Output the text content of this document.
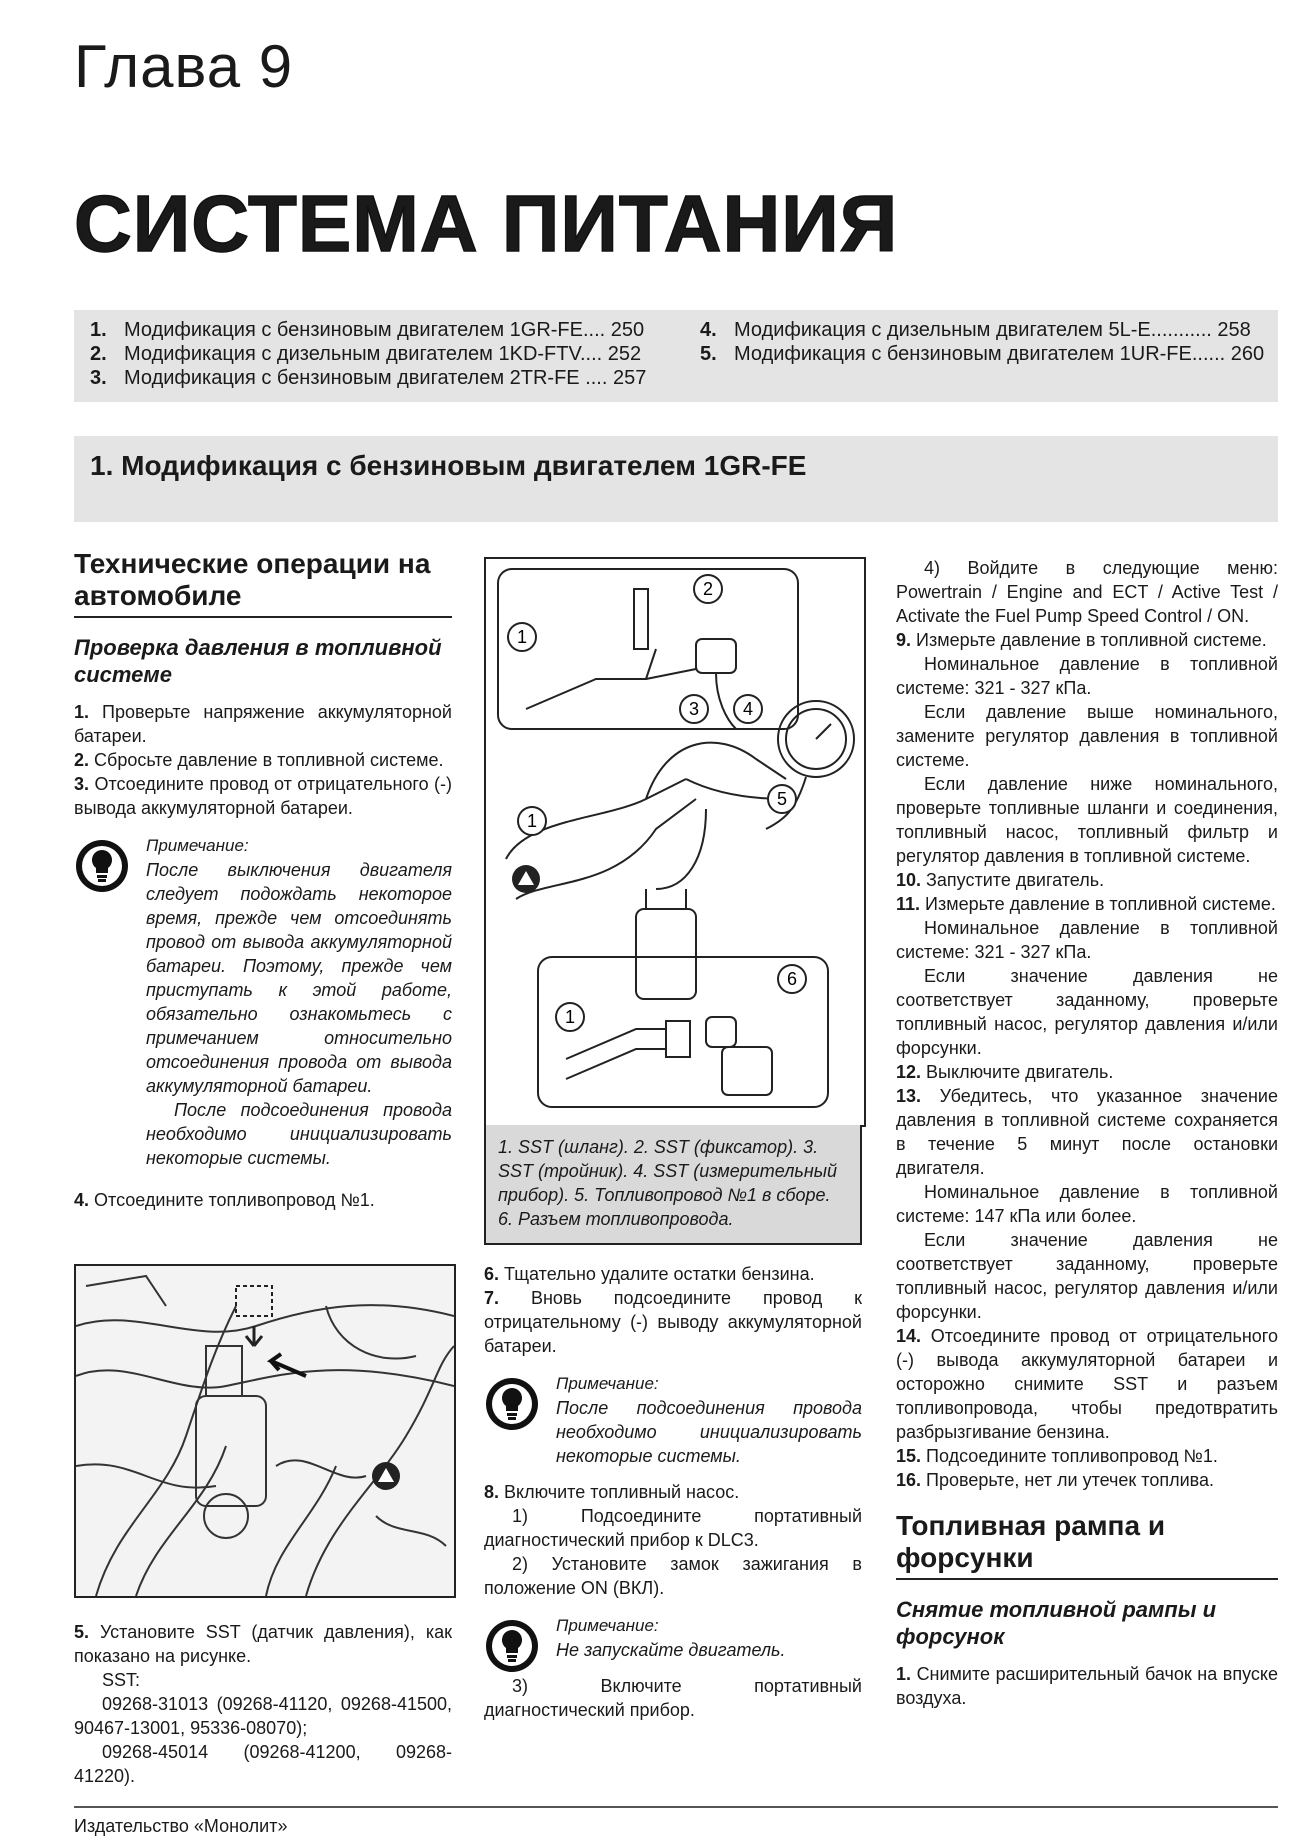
Глава 9
СИСТЕМА ПИТАНИЯ
1. Модификация с бензиновым двигателем 1GR-FE.... 250
2. Модификация с дизельным двигателем 1KD-FTV.... 252
3. Модификация с бензиновым двигателем 2TR-FE .... 257
4. Модификация с дизельным двигателем 5L-E........... 258
5. Модификация с бензиновым двигателем 1UR-FE...... 260
1. Модификация с бензиновым двигателем 1GR-FE

Технические операции на автомобиле

Проверка давления в топливной системе

1. Проверьте напряжение аккумуляторной батареи.

2. Сбросьте давление в топливной системе.

3. Отсоедините провод от отрицательного (-) вывода аккумуляторной батареи.

Примечание:

После выключения двигателя следует подождать некоторое время, прежде чем отсоединять провод от вывода аккумуляторной батареи. Поэтому, прежде чем приступать к этой работе, обязательно ознакомьтесь с примечанием относительно отсоединения провода от вывода аккумуляторной батареи.

После подсоединения провода необходимо инициализировать некоторые системы.

4. Отсоедините топливопровод №1.

5. Установите SST (датчик давления), как показано на рисунке.

SST:

09268-31013 (09268-41120, 09268-41500, 90467-13001, 95336-08070);

09268-45014 (09268-41200, 09268-41220).

1
2
3 4
5
1
6
1
1. SST (шланг). 2. SST (фиксатор). 3. SST (тройник). 4. SST (измерительный прибор). 5. Топливопровод №1 в сборе. 6. Разъем топливопровода.

6. Тщательно удалите остатки бензина.

7. Вновь подсоедините провод к отрицательному (-) выводу аккумуляторной батареи.

Примечание:

После подсоединения провода необходимо инициализировать некоторые системы.

8. Включите топливный насос.

1) Подсоедините портативный диагностический прибор к DLC3.

2) Установите замок зажигания в положение ON (ВКЛ).

Примечание:

Не запускайте двигатель.

3) Включите портативный диагностический прибор.

4) Войдите в следующие меню: Powertrain / Engine and ECT / Active Test / Activate the Fuel Pump Speed Control / ON.

9. Измерьте давление в топливной системе.

Номинальное давление в топливной системе: 321 - 327 кПа.

Если давление выше номинального, замените регулятор давления в топливной системе.

Если давление ниже номинального, проверьте топливные шланги и соединения, топливный насос, топливный фильтр и регулятор давления в топливной системе.

10. Запустите двигатель.

11. Измерьте давление в топливной системе.

Номинальное давление в топливной системе: 321 - 327 кПа.

Если значение давления не соответствует заданному, проверьте топливный насос, регулятор давления и/или форсунки.

12. Выключите двигатель.

13. Убедитесь, что указанное значение давления в топливной системе сохраняется в течение 5 минут после остановки двигателя.

Номинальное давление в топливной системе: 147 кПа или более.

Если значение давления не соответствует заданному, проверьте топливный насос, регулятор давления и/или форсунки.

14. Отсоедините провод от отрицательного (-) вывода аккумуляторной батареи и осторожно снимите SST и разъем топливопровода, чтобы предотвратить разбрызгивание бензина.

15. Подсоедините топливопровод №1.

16. Проверьте, нет ли утечек топлива.

Топливная рампа и форсунки

Снятие топливной рампы и форсунок

1. Снимите расширительный бачок на впуске воздуха.

Издательство «Монолит»
